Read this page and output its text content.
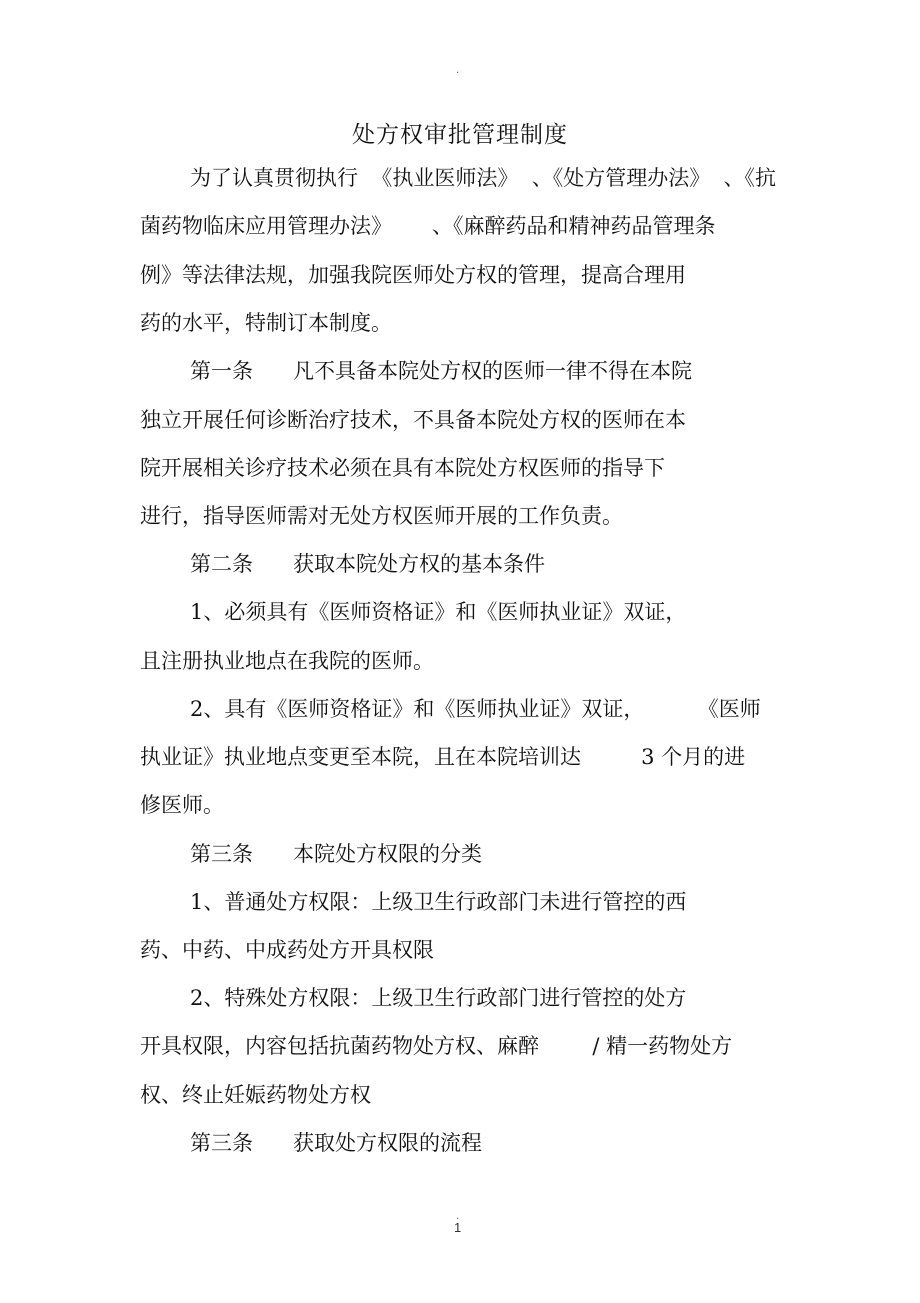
.
处方权审批管理制度
为了认真贯彻执行  《执业医师法》  、《处方管理办法》  、《抗
菌药物临床应用管理办法》      、《麻醉药品和精神药品管理条
例》等法律法规，加强我院医师处方权的管理，提高合理用
药的水平，特制订本制度。
第一条      凡不具备本院处方权的医师一律不得在本院
独立开展任何诊断治疗技术，不具备本院处方权的医师在本
院开展相关诊疗技术必须在具有本院处方权医师的指导下
进行，指导医师需对无处方权医师开展的工作负责。
第二条      获取本院处方权的基本条件
1、必须具有《医师资格证》和《医师执业证》双证，
且注册执业地点在我院的医师。
2、具有《医师资格证》和《医师执业证》双证，        《医师
执业证》执业地点变更至本院，且在本院培训达         3 个月的进
修医师。
第三条      本院处方权限的分类
1、普通处方权限：上级卫生行政部门未进行管控的西
药、中药、中成药处方开具权限
2、特殊处方权限：上级卫生行政部门进行管控的处方
开具权限，内容包括抗菌药物处方权、麻醉        / 精一药物处方
权、终止妊娠药物处方权
第三条      获取处方权限的流程
.
1
